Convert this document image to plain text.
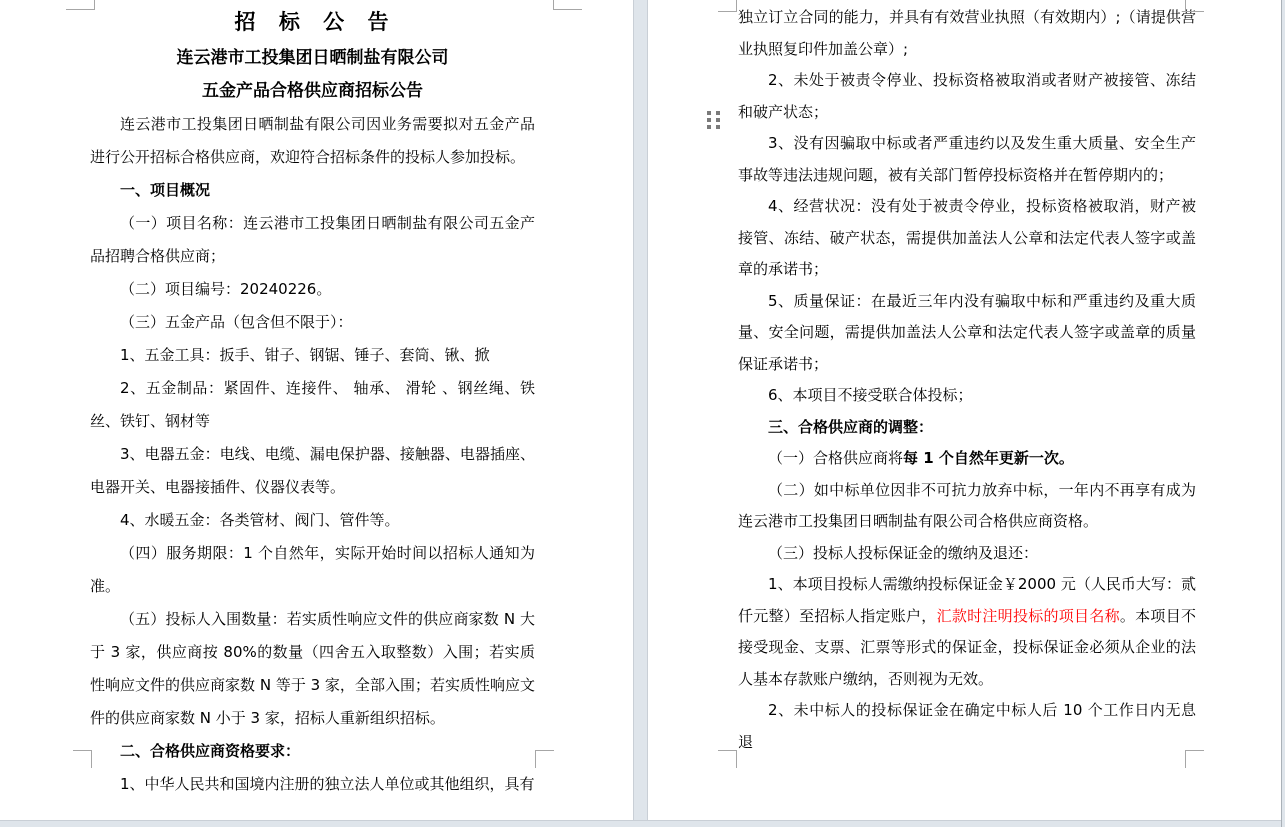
招 标 公 告

连云港市工投集团日晒制盐有限公司

五金产品合格供应商招标公告

连云港市工投集团日晒制盐有限公司因业务需要拟对五金产品进行公开招标合格供应商，欢迎符合招标条件的投标人参加投标。

一、项目概况

（一）项目名称：连云港市工投集团日晒制盐有限公司五金产品招聘合格供应商；

（二）项目编号：20240226。

（三）五金产品（包含但不限于）：

1、五金工具：扳手、钳子、钢锯、锤子、套筒、锹、掀

2、五金制品：紧固件、连接件、 轴承、 滑轮 、钢丝绳、铁丝、铁钉、钢材等

3、电器五金：电线、电缆、漏电保护器、接触器、电器插座、电器开关、电器接插件、仪器仪表等。

4、水暖五金：各类管材、阀门、管件等。

（四）服务期限：1 个自然年，实际开始时间以招标人通知为准。

（五）投标人入围数量：若实质性响应文件的供应商家数 N 大于 3 家，供应商按 80%的数量（四舍五入取整数）入围；若实质性响应文件的供应商家数 N 等于 3 家，全部入围；若实质性响应文件的供应商家数 N 小于 3 家，招标人重新组织招标。

二、合格供应商资格要求：

1、中华人民共和国境内注册的独立法人单位或其他组织，具有

独立订立合同的能力，并具有有效营业执照（有效期内）;（请提供营业执照复印件加盖公章）;

2、未处于被责令停业、投标资格被取消或者财产被接管、冻结和破产状态；

3、没有因骗取中标或者严重违约以及发生重大质量、安全生产事故等违法违规问题，被有关部门暂停投标资格并在暂停期内的；

4、经营状况：没有处于被责令停业，投标资格被取消，财产被接管、冻结、破产状态，需提供加盖法人公章和法定代表人签字或盖章的承诺书；

5、质量保证：在最近三年内没有骗取中标和严重违约及重大质量、安全问题，需提供加盖法人公章和法定代表人签字或盖章的质量保证承诺书；

6、本项目不接受联合体投标；

三、合格供应商的调整：

（一）合格供应商将每 1 个自然年更新一次。

（二）如中标单位因非不可抗力放弃中标，一年内不再享有成为连云港市工投集团日晒制盐有限公司合格供应商资格。

（三）投标人投标保证金的缴纳及退还：

1、本项目投标人需缴纳投标保证金￥2000 元（人民币大写：贰仟元整）至招标人指定账户，汇款时注明投标的项目名称。本项目不接受现金、支票、汇票等形式的保证金，投标保证金必须从企业的法人基本存款账户缴纳，否则视为无效。

2、未中标人的投标保证金在确定中标人后 10 个工作日内无息退
